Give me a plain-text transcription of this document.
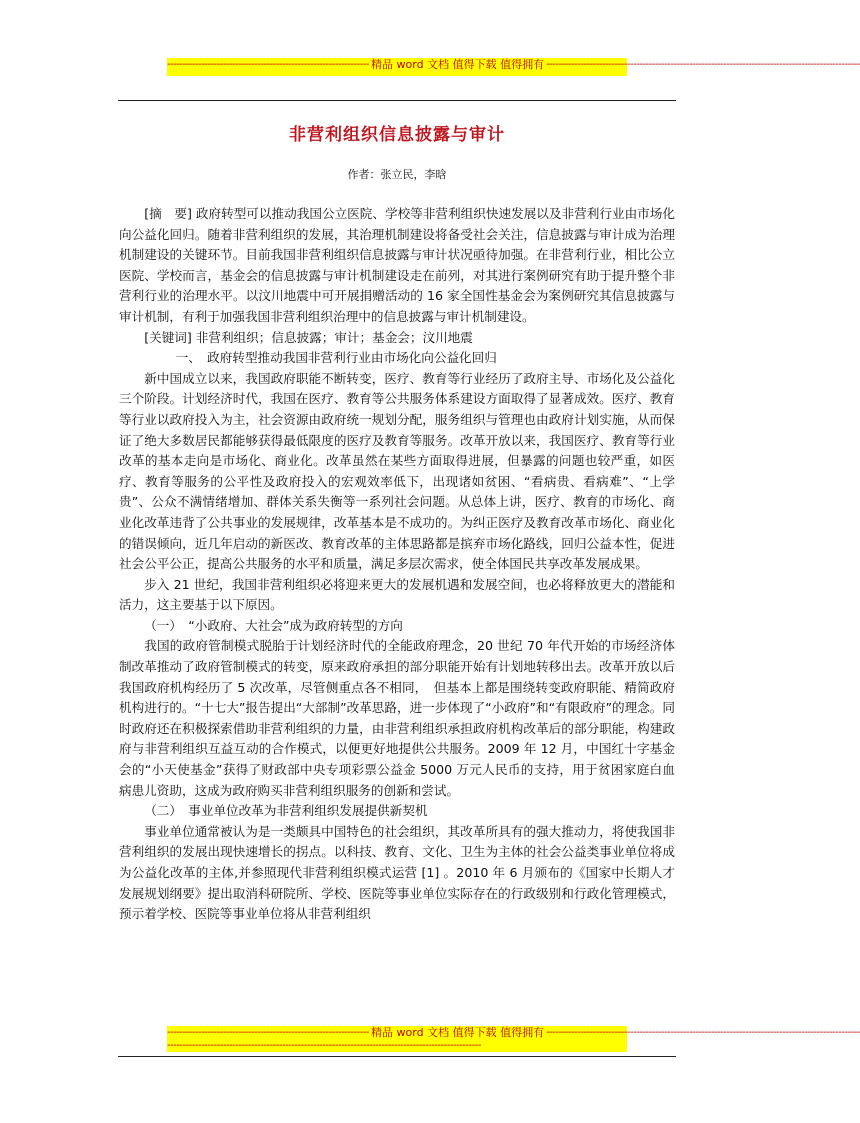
----------------------------------------------------------------- 精品 word 文档 值得下载 值得拥有 -----------------------------------------------------------------------------------------------------
非营利组织信息披露与审计
作者：张立民，李晗

[摘　要] 政府转型可以推动我国公立医院、学校等非营利组织快速发展以及非营利行业由市场化向公益化回归。随着非营利组织的发展，其治理机制建设将备受社会关注，信息披露与审计成为治理机制建设的关键环节。目前我国非营利组织信息披露与审计状况亟待加强。在非营利行业，相比公立医院、学校而言，基金会的信息披露与审计机制建设走在前列，对其进行案例研究有助于提升整个非营利行业的治理水平。以汶川地震中可开展捐赠活动的 16 家全国性基金会为案例研究其信息披露与审计机制，有利于加强我国非营利组织治理中的信息披露与审计机制建设。

[关键词] 非营利组织；信息披露；审计；基金会；汶川地震

一、　政府转型推动我国非营利行业由市场化向公益化回归

新中国成立以来，我国政府职能不断转变，医疗、教育等行业经历了政府主导、市场化及公益化三个阶段。计划经济时代，我国在医疗、教育等公共服务体系建设方面取得了显著成效。医疗、教育等行业以政府投入为主，社会资源由政府统一规划分配，服务组织与管理也由政府计划实施，从而保证了绝大多数居民都能够获得最低限度的医疗及教育等服务。改革开放以来，我国医疗、教育等行业改革的基本走向是市场化、商业化。改革虽然在某些方面取得进展，但暴露的问题也较严重，如医疗、教育等服务的公平性及政府投入的宏观效率低下，出现诸如贫困、“看病贵、看病难”、“上学贵”、公众不满情绪增加、群体关系失衡等一系列社会问题。从总体上讲，医疗、教育的市场化、商业化改革违背了公共事业的发展规律，改革基本是不成功的。为纠正医疗及教育改革市场化、商业化的错误倾向，近几年启动的新医改、教育改革的主体思路都是摈弃市场化路线，回归公益本性，促进社会公平公正，提高公共服务的水平和质量，满足多层次需求，使全体国民共享改革发展成果。

步入 21 世纪，我国非营利组织必将迎来更大的发展机遇和发展空间，也必将释放更大的潜能和活力，这主要基于以下原因。

（一）　“小政府、大社会”成为政府转型的方向

我国的政府管制模式脱胎于计划经济时代的全能政府理念，20 世纪 70 年代开始的市场经济体制改革推动了政府管制模式的转变，原来政府承担的部分职能开始有计划地转移出去。改革开放以后我国政府机构经历了 5 次改革，尽管侧重点各不相同，　但基本上都是围绕转变政府职能、精简政府机构进行的。“十七大”报告提出“大部制”改革思路，进一步体现了“小政府”和“有限政府”的理念。同时政府还在积极探索借助非营利组织的力量，由非营利组织承担政府机构改革后的部分职能，构建政府与非营利组织互益互动的合作模式，以便更好地提供公共服务。2009 年 12 月，中国红十字基金会的“小天使基金”获得了财政部中央专项彩票公益金 5000 万元人民币的支持，用于贫困家庭白血病患儿资助，这成为政府购买非营利组织服务的创新和尝试。

（二）　事业单位改革为非营利组织发展提供新契机

事业单位通常被认为是一类颇具中国特色的社会组织，其改革所具有的强大推动力，将使我国非营利组织的发展出现快速增长的拐点。以科技、教育、文化、卫生为主体的社会公益类事业单位将成为公益化改革的主体,并参照现代非营利组织模式运营 [1] 。2010 年 6 月颁布的《国家中长期人才发展规划纲要》提出取消科研院所、学校、医院等事业单位实际存在的行政级别和行政化管理模式，预示着学校、医院等事业单位将从非营利组织

----------------------------------------------------------------- 精品 word 文档 值得下载 值得拥有 -----------------------------------------------------------------------------------------------------
-----------------------------------------------------------------------------------------------------
